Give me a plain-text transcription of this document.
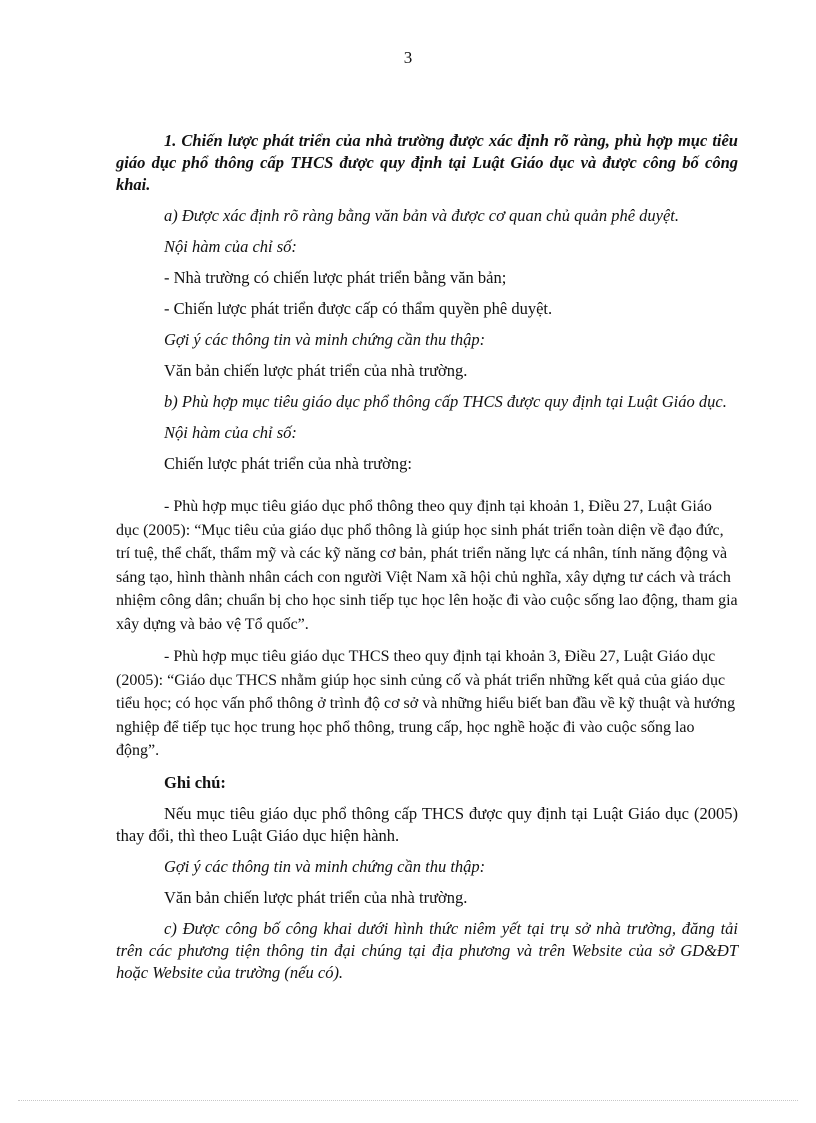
3

1. Chiến lược phát triển của nhà trường được xác định rõ ràng, phù hợp mục tiêu giáo dục phổ thông cấp THCS được quy định tại Luật Giáo dục và được công bố công khai.

a) Được xác định rõ ràng bằng văn bản và được cơ quan chủ quản phê duyệt.

Nội hàm của chỉ số:

- Nhà trường có chiến lược phát triển bằng văn bản;

- Chiến lược phát triển được cấp có thẩm quyền phê duyệt.

Gợi ý các thông tin và minh chứng cần thu thập:

Văn bản chiến lược phát triển của nhà trường.

b) Phù hợp mục tiêu giáo dục phổ thông cấp THCS được quy định tại Luật Giáo dục.

Nội hàm của chỉ số:

Chiến lược phát triển của nhà trường:

- Phù hợp mục tiêu giáo dục phổ thông theo quy định tại khoản 1, Điều 27, Luật Giáo dục (2005): “Mục tiêu của giáo dục phổ thông là giúp học sinh phát triển toàn diện về đạo đức, trí tuệ, thể chất, thẩm mỹ và các kỹ năng cơ bản, phát triển năng lực cá nhân, tính năng động và sáng tạo, hình thành nhân cách con người Việt Nam xã hội chủ nghĩa, xây dựng tư cách và trách nhiệm công dân; chuẩn bị cho học sinh tiếp tục học lên hoặc đi vào cuộc sống lao động, tham gia xây dựng và bảo vệ Tổ quốc”.

- Phù hợp mục tiêu giáo dục THCS theo quy định tại khoản 3, Điều 27, Luật Giáo dục (2005): “Giáo dục THCS nhằm giúp học sinh củng cố và phát triển những kết quả của giáo dục tiểu học; có học vấn phổ thông ở trình độ cơ sở và những hiểu biết ban đầu về kỹ thuật và hướng nghiệp để tiếp tục học trung học phổ thông, trung cấp, học nghề hoặc đi vào cuộc sống lao động”.

Ghi chú:

Nếu mục tiêu giáo dục phổ thông cấp THCS được quy định tại Luật Giáo dục (2005) thay đổi, thì theo Luật Giáo dục hiện hành.

Gợi ý các thông tin và minh chứng cần thu thập:

Văn bản chiến lược phát triển của nhà trường.

c) Được công bố công khai dưới hình thức niêm yết tại trụ sở nhà trường, đăng tải trên các phương tiện thông tin đại chúng tại địa phương và trên Website của sở GD&ĐT hoặc Website của trường (nếu có).
